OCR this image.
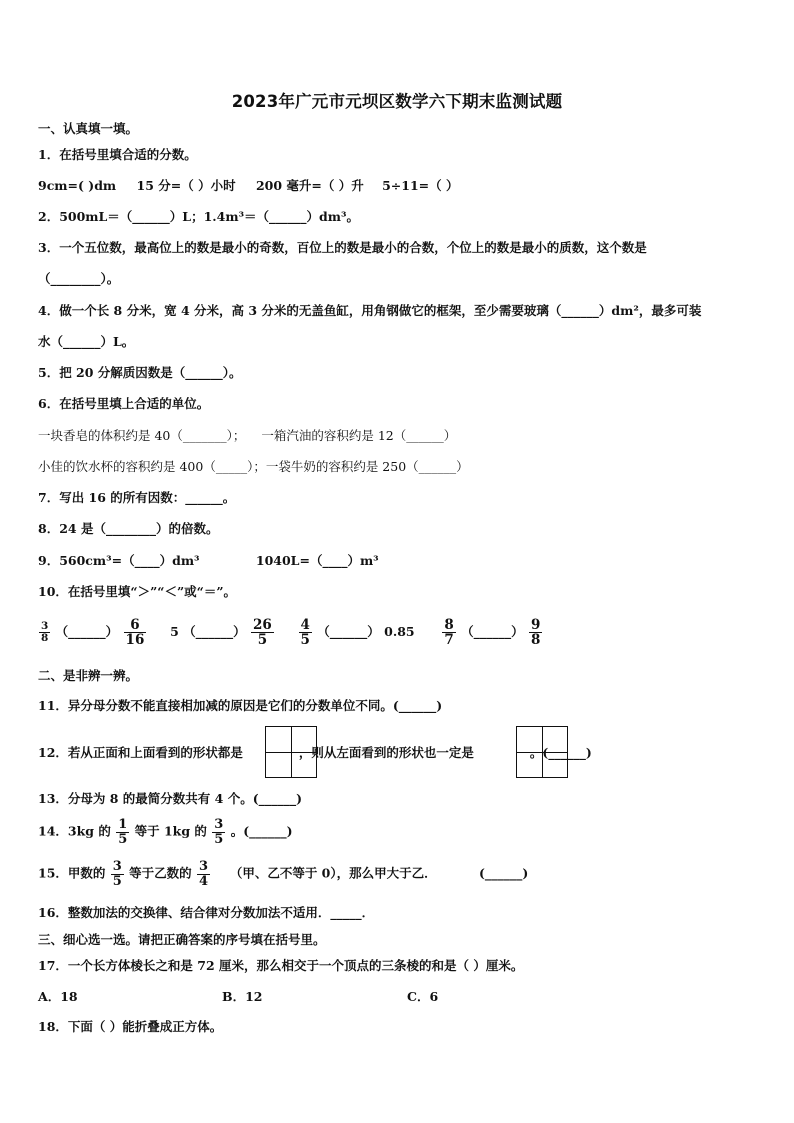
2023年广元市元坝区数学六下期末监测试题
一、认真填一填。
1．在括号里填合适的分数。
9cm=( )dm 15 分=（ ）小时 200 毫升=（ ）升 5÷11=（ ）
2．500mL＝（______）L；1.4m³＝（______）dm³。
3．一个五位数，最高位上的数是最小的奇数，百位上的数是最小的合数，个位上的数是最小的质数，这个数是
（________）。
4．做一个长 8 分米，宽 4 分米，高 3 分米的无盖鱼缸，用角钢做它的框架，至少需要玻璃（______）dm²，最多可装
水（______）L。
5．把 20 分解质因数是（______）。
6．在括号里填上合适的单位。
一块香皂的体积约是 40（_______）； 一箱汽油的容积约是 12（______）
小佳的饮水杯的容积约是 400（_____）；一袋牛奶的容积约是 250（______）
7．写出 16 的所有因数：______。
8．24 是（________）的倍数。
9．560cm³=（____）dm³	1040L=（____）m³
10．在括号里填“＞”“＜”或“＝”。
$\frac{3}{8}$ （______） $\frac{6}{16} 5$ （______） $\frac{26}{5}$
$\frac{4}{5}$ （______） $0.85 \frac{8}{7}$ （______） $\frac{9}{8}$
二、是非辨一辨。
11．异分母分数不能直接相加减的原因是它们的分数单位不同。(______)
12．若从正面和上面看到的形状都是	，则从左面看到的形状也一定是	。(______)
13．分母为 8 的最简分数共有 4 个。(______)
14．3kg 的 $\frac{1}{5}$ 等于 1kg 的 $\frac{3}{5}$ 。(______)
15．甲数的 $\frac{3}{5}$ 等于乙数的 $\frac{3}{4}$ （甲、乙不等于 0），那么甲大于乙．	(______)
16．整数加法的交换律、结合律对分数加法不适用．_____．
三、细心选一选。请把正确答案的序号填在括号里。
17．一个长方体棱长之和是 72 厘米，那么相交于一个顶点的三条棱的和是（ ）厘米。
A．18	B．12	C．6
18．下面（ ）能折叠成正方体。
